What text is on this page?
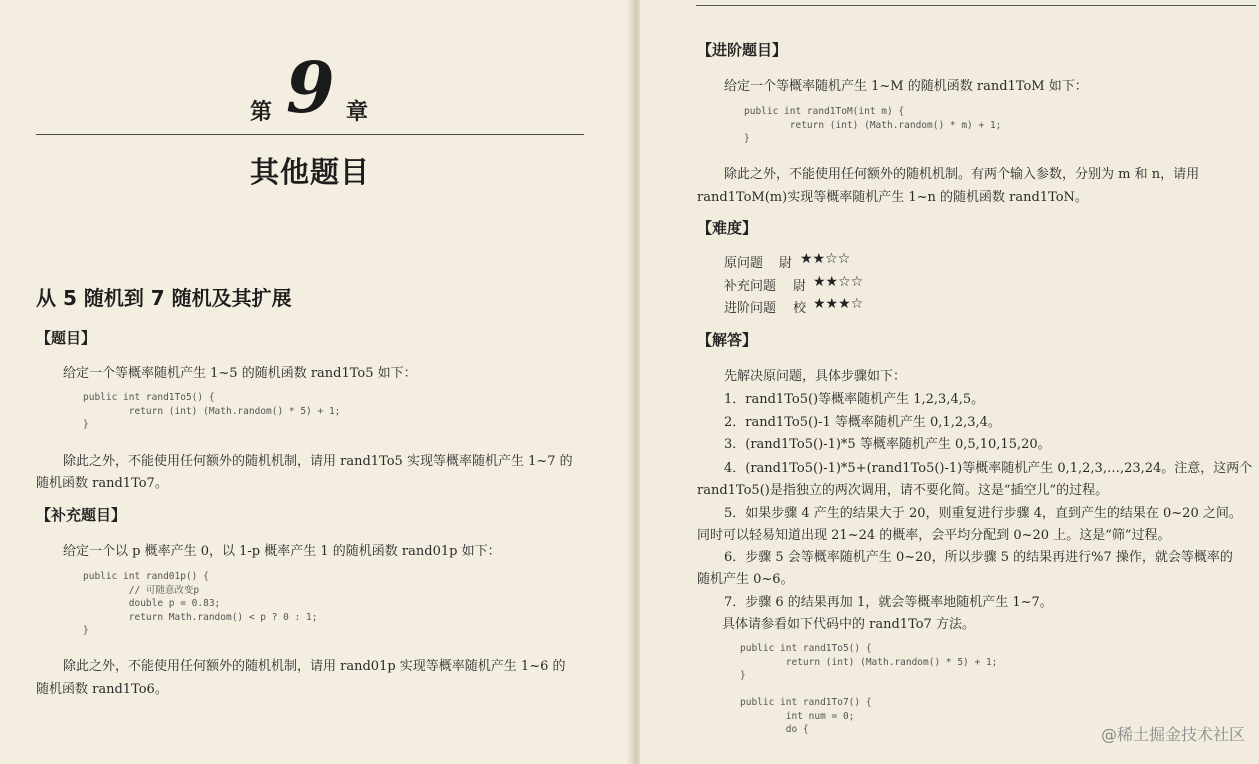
第 9 章
其他题目
从 5 随机到 7 随机及其扩展
【题目】
给定一个等概率随机产生 1~5 的随机函数 rand1To5 如下：
public int rand1To5() {
return (int) (Math.random() * 5) + 1;
}
除此之外，不能使用任何额外的随机机制，请用 rand1To5 实现等概率随机产生 1~7 的
随机函数 rand1To7。
【补充题目】
给定一个以 p 概率产生 0，以 1-p 概率产生 1 的随机函数 rand01p 如下：
public int rand01p() {
// 可随意改变p
double p = 0.83;
return Math.random() < p ? 0 : 1;
}
除此之外，不能使用任何额外的随机机制，请用 rand01p 实现等概率随机产生 1~6 的
随机函数 rand1To6。
【进阶题目】
给定一个等概率随机产生 1~M 的随机函数 rand1ToM 如下：
public int rand1ToM(int m) {
return (int) (Math.random() * m) + 1;
}
除此之外，不能使用任何额外的随机机制。有两个输入参数，分别为 m 和 n，请用
rand1ToM(m)实现等概率随机产生 1~n 的随机函数 rand1ToN。
【难度】
原问题 尉 ★★☆☆
补充问题 尉 ★★☆☆
进阶问题 校 ★★★☆
【解答】
先解决原问题，具体步骤如下：
1．rand1To5()等概率随机产生 1,2,3,4,5。
2．rand1To5()-1 等概率随机产生 0,1,2,3,4。
3．(rand1To5()-1)*5 等概率随机产生 0,5,10,15,20。
4．(rand1To5()-1)*5+(rand1To5()-1)等概率随机产生 0,1,2,3,…,23,24。注意，这两个
rand1To5()是指独立的两次调用，请不要化简。这是“插空儿”的过程。
5．如果步骤 4 产生的结果大于 20，则重复进行步骤 4，直到产生的结果在 0~20 之间。
同时可以轻易知道出现 21~24 的概率，会平均分配到 0~20 上。这是“筛”过程。
6．步骤 5 会等概率随机产生 0~20，所以步骤 5 的结果再进行%7 操作，就会等概率的
随机产生 0~6。
7．步骤 6 的结果再加 1，就会等概率地随机产生 1~7。
具体请参看如下代码中的 rand1To7 方法。
public int rand1To5() {
return (int) (Math.random() * 5) + 1;
}

public int rand1To7() {
int num = 0;
do {	@稀土掘金技术社区
